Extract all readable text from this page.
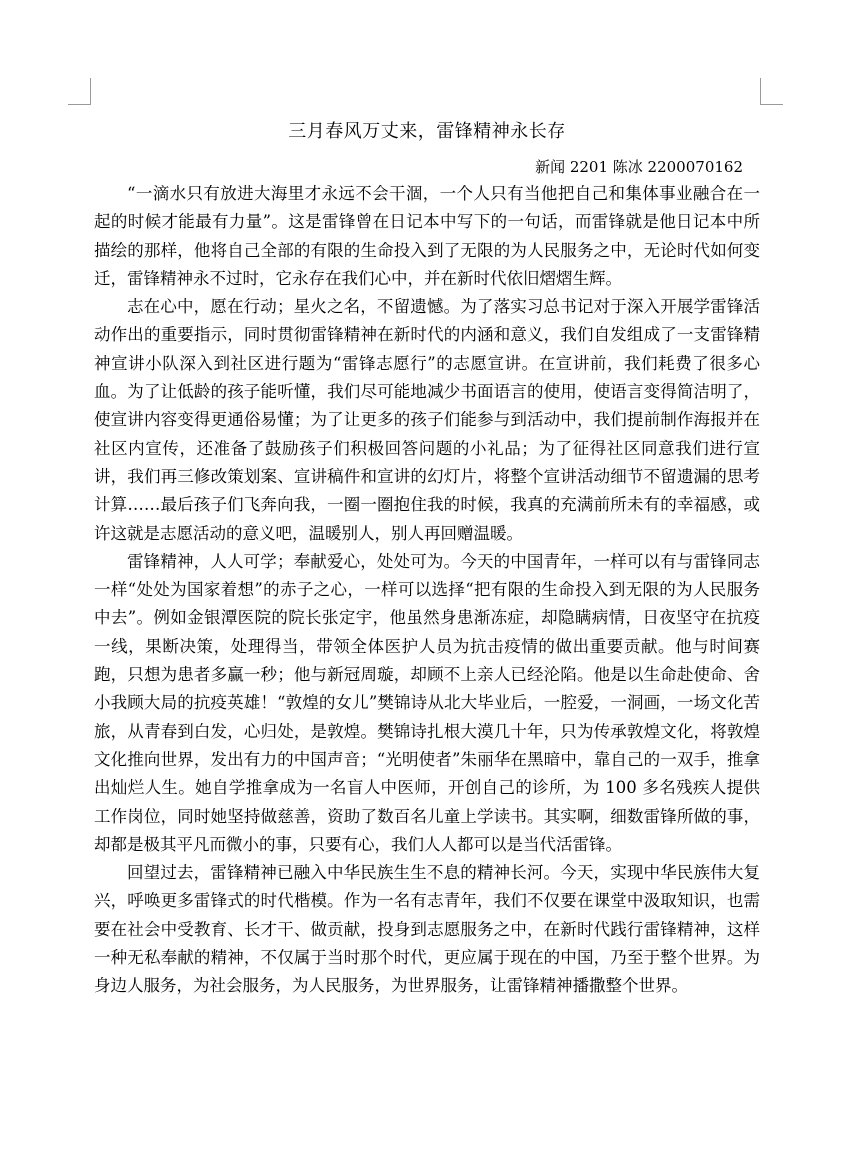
三月春风万丈来，雷锋精神永长存
新闻 2201 陈冰 2200070162

“一滴水只有放进大海里才永远不会干涸，一个人只有当他把自己和集体事业融合在一起的时候才能最有力量”。这是雷锋曾在日记本中写下的一句话，而雷锋就是他日记本中所描绘的那样，他将自己全部的有限的生命投入到了无限的为人民服务之中，无论时代如何变迁，雷锋精神永不过时，它永存在我们心中，并在新时代依旧熠熠生辉。

志在心中，愿在行动；星火之名，不留遗憾。为了落实习总书记对于深入开展学雷锋活动作出的重要指示，同时贯彻雷锋精神在新时代的内涵和意义，我们自发组成了一支雷锋精神宣讲小队深入到社区进行题为“雷锋志愿行”的志愿宣讲。在宣讲前，我们耗费了很多心血。为了让低龄的孩子能听懂，我们尽可能地减少书面语言的使用，使语言变得简洁明了，使宣讲内容变得更通俗易懂；为了让更多的孩子们能参与到活动中，我们提前制作海报并在社区内宣传，还准备了鼓励孩子们积极回答问题的小礼品；为了征得社区同意我们进行宣讲，我们再三修改策划案、宣讲稿件和宣讲的幻灯片，将整个宣讲活动细节不留遗漏的思考计算……最后孩子们飞奔向我，一圈一圈抱住我的时候，我真的充满前所未有的幸福感，或许这就是志愿活动的意义吧，温暖别人，别人再回赠温暖。

雷锋精神，人人可学；奉献爱心，处处可为。今天的中国青年，一样可以有与雷锋同志一样“处处为国家着想”的赤子之心，一样可以选择“把有限的生命投入到无限的为人民服务中去”。例如金银潭医院的院长张定宇，他虽然身患渐冻症，却隐瞒病情，日夜坚守在抗疫一线，果断决策，处理得当，带领全体医护人员为抗击疫情的做出重要贡献。他与时间赛跑，只想为患者多赢一秒；他与新冠周璇，却顾不上亲人已经沦陷。他是以生命赴使命、舍小我顾大局的抗疫英雄！“敦煌的女儿”樊锦诗从北大毕业后，一腔爱，一洞画，一场文化苦旅，从青春到白发，心归处，是敦煌。樊锦诗扎根大漠几十年，只为传承敦煌文化，将敦煌文化推向世界，发出有力的中国声音；“光明使者”朱丽华在黑暗中，靠自己的一双手，推拿出灿烂人生。她自学推拿成为一名盲人中医师，开创自己的诊所，为 100 多名残疾人提供工作岗位，同时她坚持做慈善，资助了数百名儿童上学读书。其实啊，细数雷锋所做的事，却都是极其平凡而微小的事，只要有心，我们人人都可以是当代活雷锋。

回望过去，雷锋精神已融入中华民族生生不息的精神长河。今天，实现中华民族伟大复兴，呼唤更多雷锋式的时代楷模。作为一名有志青年，我们不仅要在课堂中汲取知识，也需要在社会中受教育、长才干、做贡献，投身到志愿服务之中，在新时代践行雷锋精神，这样一种无私奉献的精神，不仅属于当时那个时代，更应属于现在的中国，乃至于整个世界。为身边人服务，为社会服务，为人民服务，为世界服务，让雷锋精神播撒整个世界。
